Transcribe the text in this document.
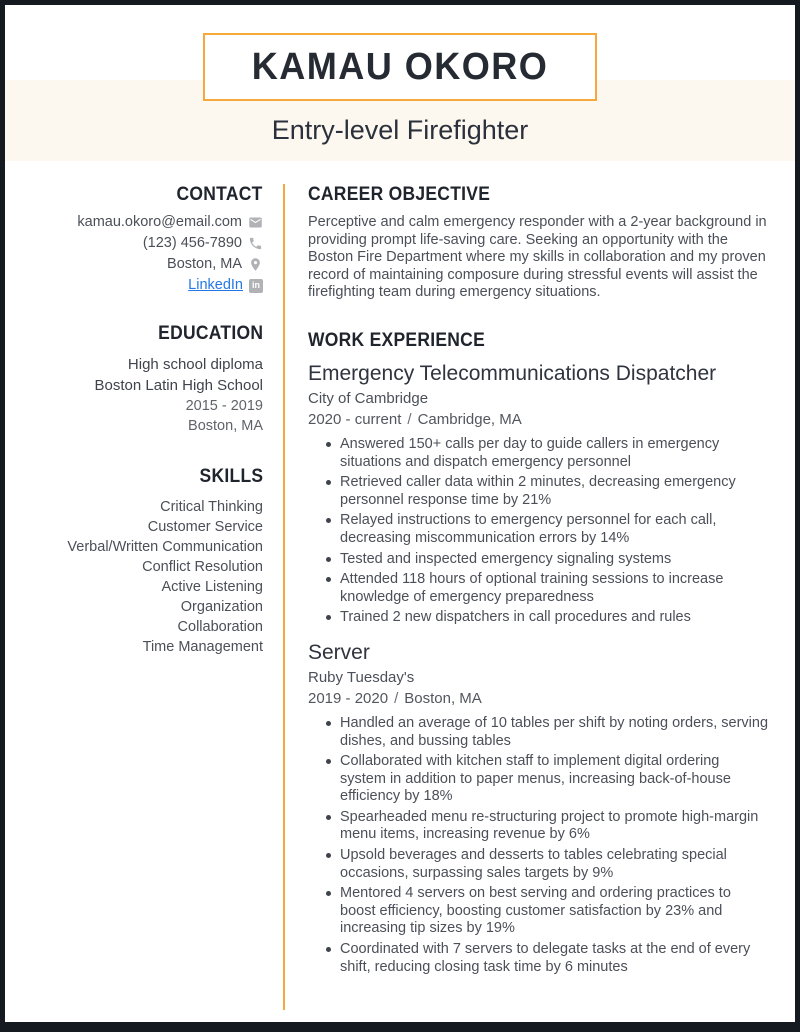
KAMAU OKORO
Entry-level Firefighter
CONTACT
kamau.okoro@email.com
(123) 456-7890
Boston, MA
LinkedIn	in
EDUCATION
High school diploma
Boston Latin High School
2015 - 2019
Boston, MA
SKILLS
Critical Thinking
Customer Service
Verbal/Written Communication
Conflict Resolution
Active Listening
Organization
Collaboration
Time Management
CAREER OBJECTIVE

Perceptive and calm emergency responder with a 2-year background in providing prompt life-saving care. Seeking an opportunity with the Boston Fire Department where my skills in collaboration and my proven record of maintaining composure during stressful events will assist the firefighting team during emergency situations.

WORK EXPERIENCE
Emergency Telecommunications Dispatcher
City of Cambridge
2020 - current / Cambridge, MA
Answered 150+ calls per day to guide callers in emergency situations and dispatch emergency personnel
Retrieved caller data within 2 minutes, decreasing emergency personnel response time by 21%
Relayed instructions to emergency personnel for each call, decreasing miscommunication errors by 14%
Tested and inspected emergency signaling systems
Attended 118 hours of optional training sessions to increase knowledge of emergency preparedness
Trained 2 new dispatchers in call procedures and rules
Server
Ruby Tuesday's
2019 - 2020 / Boston, MA
Handled an average of 10 tables per shift by noting orders, serving dishes, and bussing tables
Collaborated with kitchen staff to implement digital ordering system in addition to paper menus, increasing back-of-house efficiency by 18%
Spearheaded menu re-structuring project to promote high-margin menu items, increasing revenue by 6%
Upsold beverages and desserts to tables celebrating special occasions, surpassing sales targets by 9%
Mentored 4 servers on best serving and ordering practices to boost efficiency, boosting customer satisfaction by 23% and increasing tip sizes by 19%
Coordinated with 7 servers to delegate tasks at the end of every shift, reducing closing task time by 6 minutes
